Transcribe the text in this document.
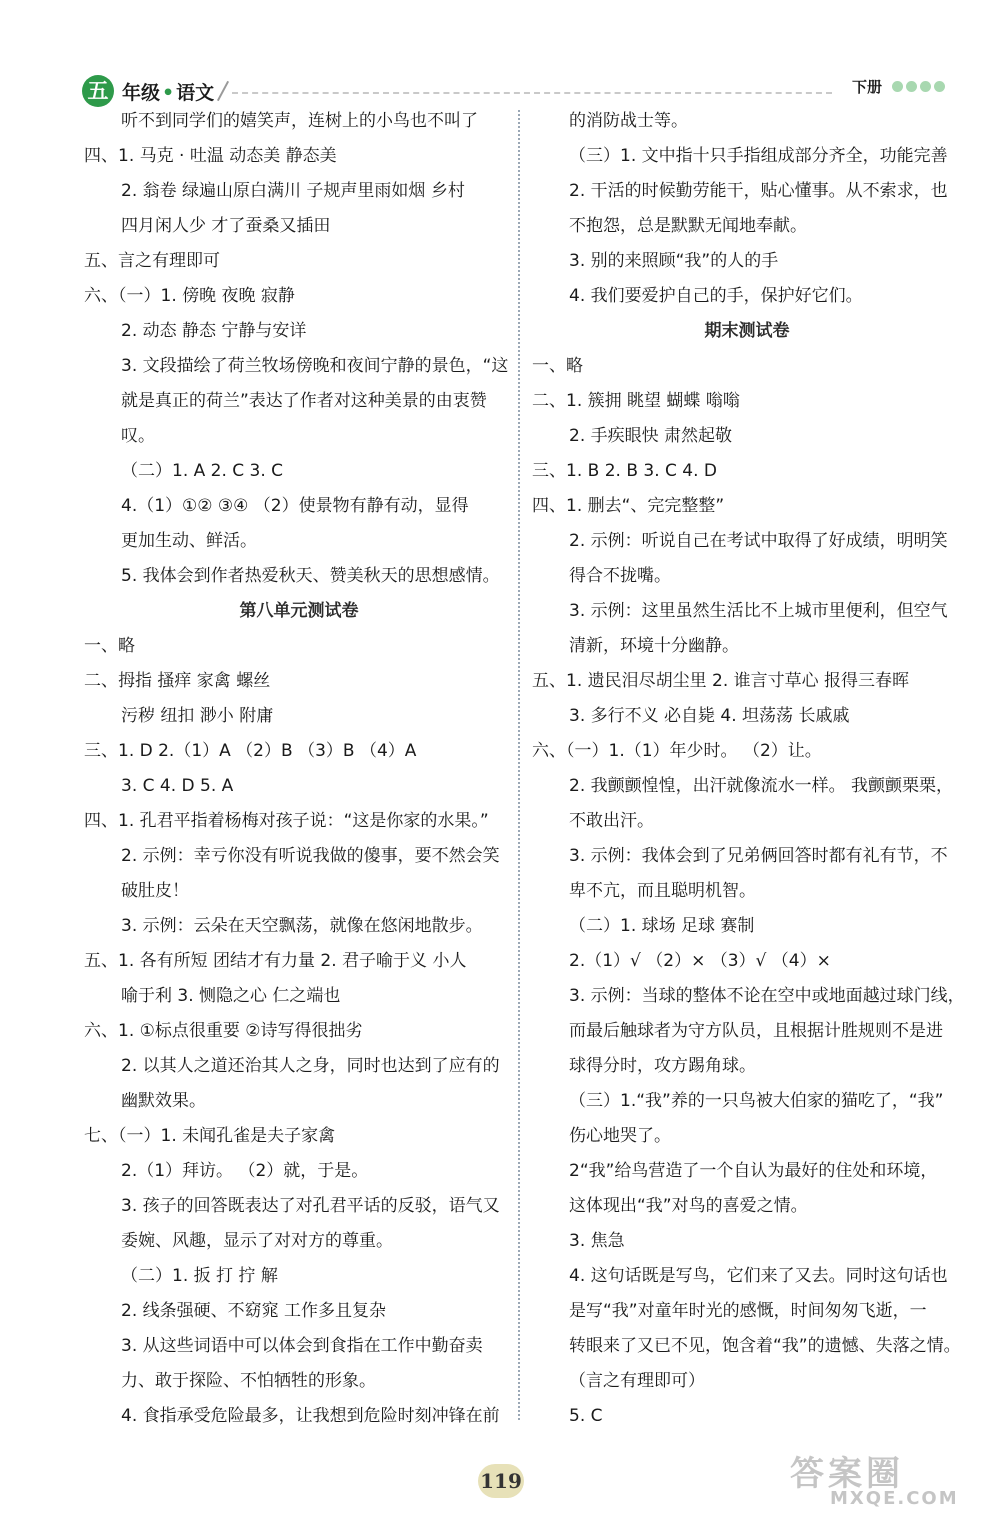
五 年级 • 语文	下册

听不到同学们的嬉笑声，连树上的小鸟也不叫了

四、1. 马克 · 吐温 动态美 静态美

2. 翁卷 绿遍山原白满川 子规声里雨如烟 乡村

四月闲人少 才了蚕桑又插田

五、言之有理即可

六、（一）1. 傍晚 夜晚 寂静

2. 动态 静态 宁静与安详

3. 文段描绘了荷兰牧场傍晚和夜间宁静的景色，“这

就是真正的荷兰”表达了作者对这种美景的由衷赞

叹。

（二）1. A 2. C 3. C

4.（1）①② ③④ （2）使景物有静有动，显得

更加生动、鲜活。

5. 我体会到作者热爱秋天、赞美秋天的思想感情。

第八单元测试卷

一、略

二、拇指 搔痒 家禽 螺丝

污秽 纽扣 渺小 附庸

三、1. D 2.（1）A （2）B （3）B （4）A

3. C 4. D 5. A

四、1. 孔君平指着杨梅对孩子说：“这是你家的水果。”

2. 示例：幸亏你没有听说我做的傻事，要不然会笑

破肚皮！

3. 示例：云朵在天空飘荡，就像在悠闲地散步。

五、1. 各有所短 团结才有力量 2. 君子喻于义 小人

喻于利 3. 恻隐之心 仁之端也

六、1. ①标点很重要 ②诗写得很拙劣

2. 以其人之道还治其人之身，同时也达到了应有的

幽默效果。

七、（一）1. 未闻孔雀是夫子家禽

2.（1）拜访。 （2）就，于是。

3. 孩子的回答既表达了对孔君平话的反驳，语气又

委婉、风趣，显示了对对方的尊重。

（二）1. 扳 打 拧 解

2. 线条强硬、不窈窕 工作多且复杂

3. 从这些词语中可以体会到食指在工作中勤奋卖

力、敢于探险、不怕牺牲的形象。

4. 食指承受危险最多，让我想到危险时刻冲锋在前

的消防战士等。

（三）1. 文中指十只手指组成部分齐全，功能完善

2. 干活的时候勤劳能干，贴心懂事。从不索求，也

不抱怨，总是默默无闻地奉献。

3. 别的来照顾“我”的人的手

4. 我们要爱护自己的手，保护好它们。

期末测试卷

一、略

二、1. 簇拥 眺望 蝴蝶 嗡嗡

2. 手疾眼快 肃然起敬

三、1. B 2. B 3. C 4. D

四、1. 删去“、完完整整”

2. 示例：听说自己在考试中取得了好成绩，明明笑

得合不拢嘴。

3. 示例：这里虽然生活比不上城市里便利，但空气

清新，环境十分幽静。

五、1. 遗民泪尽胡尘里 2. 谁言寸草心 报得三春晖

3. 多行不义 必自毙 4. 坦荡荡 长戚戚

六、（一）1.（1）年少时。 （2）让。

2. 我颤颤惶惶，出汗就像流水一样。 我颤颤栗栗，

不敢出汗。

3. 示例：我体会到了兄弟俩回答时都有礼有节，不

卑不亢，而且聪明机智。

（二）1. 球场 足球 赛制

2.（1）√ （2）× （3）√ （4）×

3. 示例：当球的整体不论在空中或地面越过球门线，

而最后触球者为守方队员，且根据计胜规则不是进

球得分时，攻方踢角球。

（三）1.“我”养的一只鸟被大伯家的猫吃了，“我”

伤心地哭了。

2“我”给鸟营造了一个自认为最好的住处和环境，

这体现出“我”对鸟的喜爱之情。

3. 焦急

4. 这句话既是写鸟，它们来了又去。同时这句话也

是写“我”对童年时光的感慨，时间匆匆飞逝，一

转眼来了又已不见，饱含着“我”的遗憾、失落之情。

（言之有理即可）

5. C

119	答案圈
MXQE.COM
